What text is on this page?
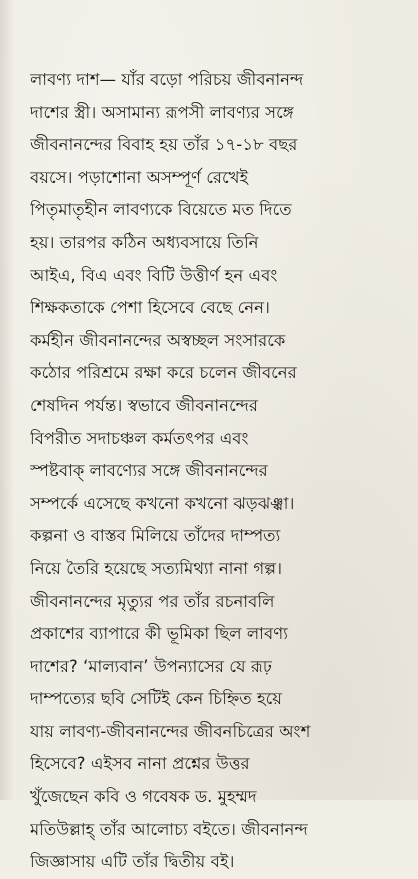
লাবণ্য দাশ— যাঁর বড়ো পরিচয় জীবনানন্দ
দাশের স্ত্রী। অসামান্য রূপসী লাবণ্যর সঙ্গে
জীবনানন্দের বিবাহ হয় তাঁর ১৭-১৮ বছর
বয়সে। পড়াশোনা অসম্পূর্ণ রেখেই
পিতৃমাতৃহীন লাবণ্যকে বিয়েতে মত দিতে
হয়। তারপর কঠিন অধ্যবসায়ে তিনি
আইএ, বিএ এবং বিটি উত্তীর্ণ হন এবং
শিক্ষকতাকে পেশা হিসেবে বেছে নেন।
কর্মহীন জীবনানন্দের অস্বচ্ছল সংসারকে
কঠোর পরিশ্রমে রক্ষা করে চলেন জীবনের
শেষদিন পর্যন্ত। স্বভাবে জীবনানন্দের
বিপরীত সদাচঞ্চল কর্মতৎপর এবং
স্পষ্টবাক্ লাবণ্যের সঙ্গে জীবনানন্দের
সম্পর্কে এসেছে কখনো কখনো ঝড়ঝঞ্ঝা।
কল্পনা ও বাস্তব মিলিয়ে তাঁদের দাম্পত্য
নিয়ে তৈরি হয়েছে সত্যমিথ্যা নানা গল্প।
জীবনানন্দের মৃত্যুর পর তাঁর রচনাবলি
প্রকাশের ব্যাপারে কী ভূমিকা ছিল লাবণ্য
দাশের? ‘মাল্যবান’ উপন্যাসের যে রূঢ়
দাম্পত্যের ছবি সেটিই কেন চিহ্নিত হয়ে
যায় লাবণ্য-জীবনানন্দের জীবনচিত্রের অংশ
হিসেবে? এইসব নানা প্রশ্নের উত্তর
খুঁজেছেন কবি ও গবেষক ড. মুহম্মদ
মতিউল্লাহ্ তাঁর আলোচ্য বইতে। জীবনানন্দ
জিজ্ঞাসায় এটি তাঁর দ্বিতীয় বই।
